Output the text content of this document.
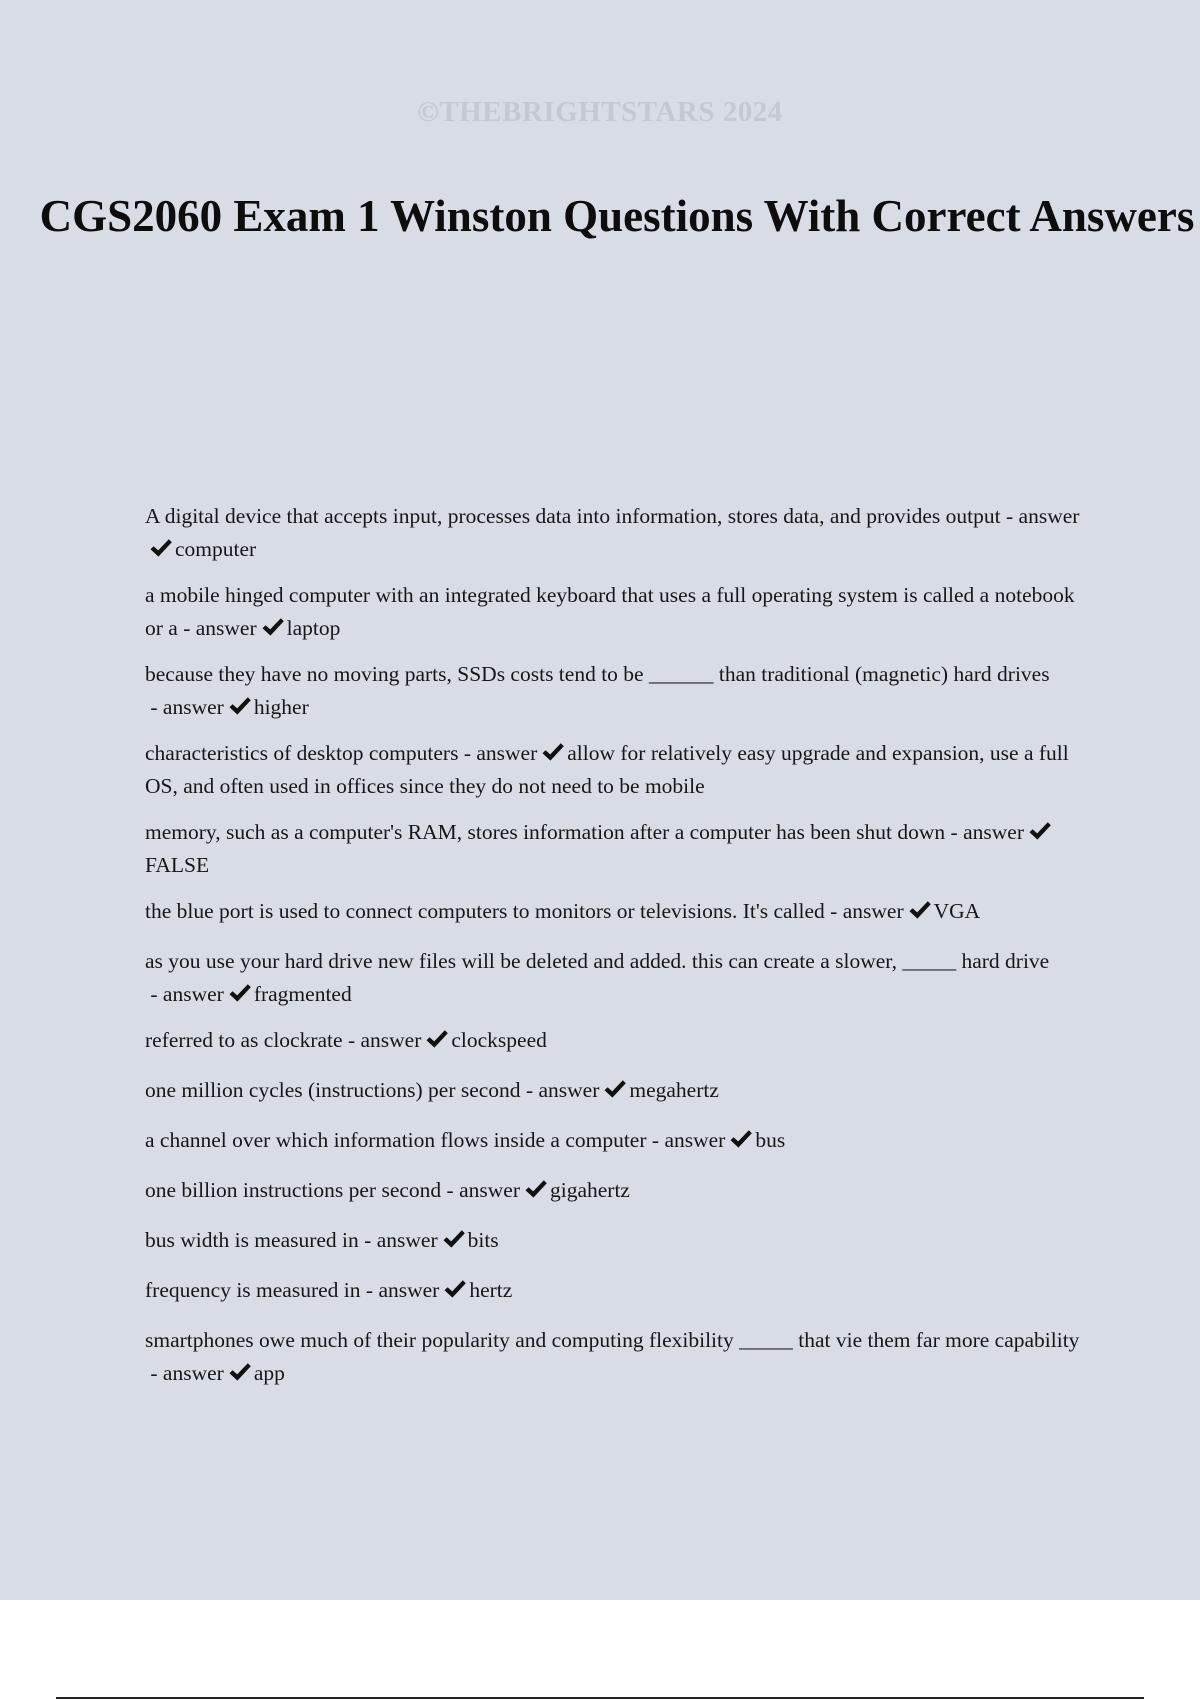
©THEBRIGHTSTARS 2024
CGS2060 Exam 1 Winston Questions With Correct Answers
A digital device that accepts input, processes data into information, stores data, and provides output - answer
computer
a mobile hinged computer with an integrated keyboard that uses a full operating system is called a notebook or a - answer laptop
because they have no moving parts, SSDs costs tend to be ______ than traditional (magnetic) hard drives - answer higher
characteristics of desktop computers - answer allow for relatively easy upgrade and expansion, use a full OS, and often used in offices since they do not need to be mobile
memory, such as a computer's RAM, stores information after a computer has been shut down - answer
FALSE
the blue port is used to connect computers to monitors or televisions. It's called - answer VGA
as you use your hard drive new files will be deleted and added. this can create a slower, _____ hard drive - answer fragmented
referred to as clockrate - answer clockspeed
one million cycles (instructions) per second - answer megahertz
a channel over which information flows inside a computer - answer bus
one billion instructions per second - answer gigahertz
bus width is measured in - answer bits
frequency is measured in - answer hertz
smartphones owe much of their popularity and computing flexibility _____ that vie them far more capability - answer app
